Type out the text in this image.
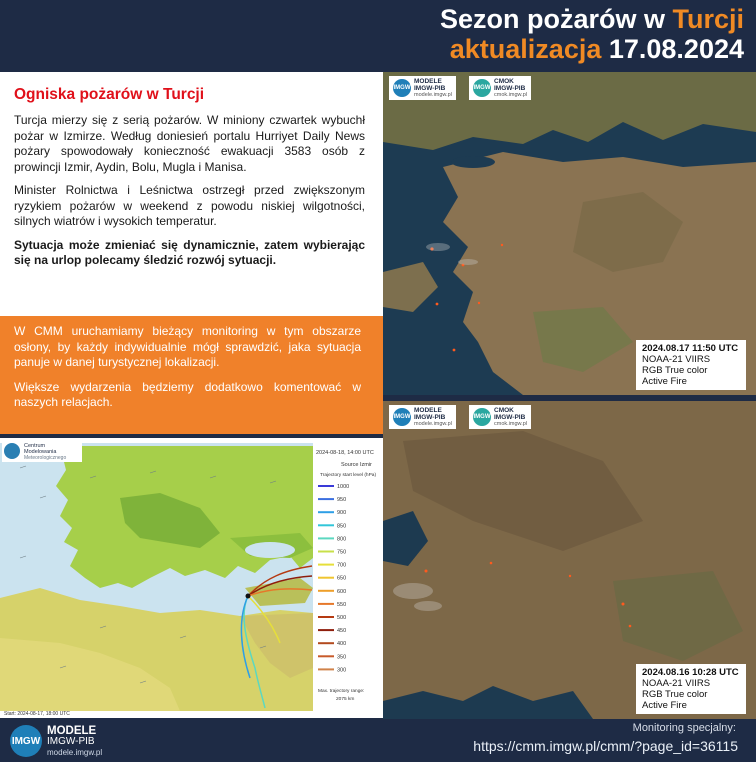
Sezon pożarów w Turcji
aktualizacja 17.08.2024

Ogniska pożarów w Turcji

Turcja mierzy się z serią pożarów. W miniony czwartek wybuchł pożar w Izmirze. Według doniesień portalu Hurriyet Daily News pożary spowodowały konieczność ewakuacji 3583 osób z prowincji Izmir, Aydin, Bolu, Mugla i Manisa.

Minister Rolnictwa i Leśnictwa ostrzegł przed zwiększonym ryzykiem pożarów w weekend z powodu niskiej wilgotności, silnych wiatrów i wysokich temperatur.

Sytuacja może zmieniać się dynamicznie, zatem wybierając się na urlop polecamy śledzić rozwój sytuacji.

W CMM uruchamiamy bieżący monitoring w tym obszarze osłony, by każdy indywidualnie mógł sprawdzić, jaka sytuacja panuje w danej turystycznej lokalizacji.

Większe wydarzenia będziemy dodatkowo komentować w naszych relacjach.

Centrum
Modelowania
Meteorologicznego
2024-08-18, 14:00 UTC
Source Izmir
Trajectory start level (hPa)
1000
950
900
850
800
750
700
650
600
550
500
450
400
350
300
Max. trajectory range:
2075 km
Start: 2024-08-17, 18:00 UTC
IMGW
MODELE
IMGW-PIB
modele.imgw.pl
IMGW
CMOK
IMGW-PIB
cmok.imgw.pl
2024.08.17 11:50 UTC
NOAA-21 VIIRS
RGB True color
Active Fire
IMGW
MODELE
IMGW-PIB
modele.imgw.pl
IMGW
CMOK
IMGW-PIB
cmok.imgw.pl
2024.08.16 10:28 UTC
NOAA-21 VIIRS
RGB True color
Active Fire
IMGW
MODELE
IMGW-PIB
modele.imgw.pl
Monitoring specjalny:
https://cmm.imgw.pl/cmm/?page_id=36115
